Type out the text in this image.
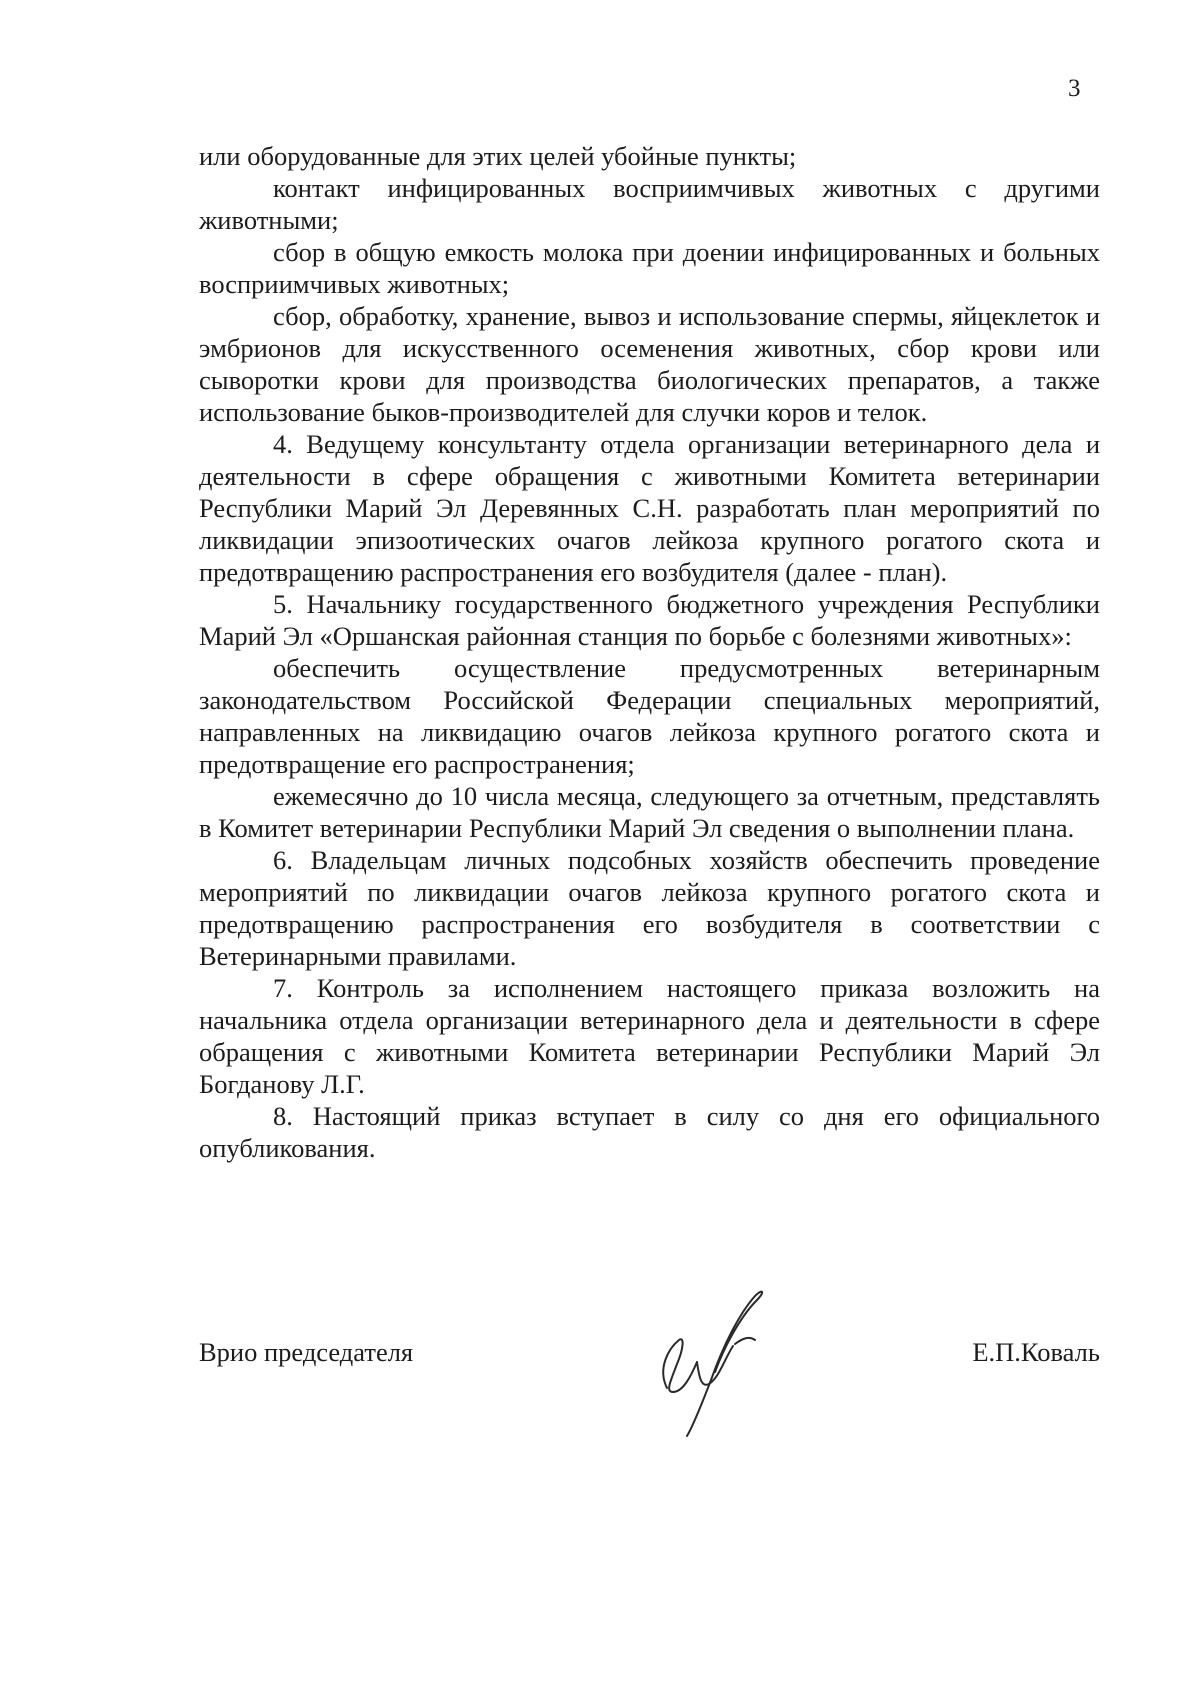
3

или оборудованные для этих целей убойные пункты;

контакт инфицированных восприимчивых животных с другими животными;

сбор в общую емкость молока при доении инфицированных и больных восприимчивых животных;

сбор, обработку, хранение, вывоз и использование спермы, яйцеклеток и эмбрионов для искусственного осеменения животных, сбор крови или сыворотки крови для производства биологических препаратов, а также использование быков-производителей для случки коров и телок.

4. Ведущему консультанту отдела организации ветеринарного дела и деятельности в сфере обращения с животными Комитета ветеринарии Республики Марий Эл Деревянных С.Н. разработать план мероприятий по ликвидации эпизоотических очагов лейкоза крупного рогатого скота и предотвращению распространения его возбудителя (далее - план).

5. Начальнику государственного бюджетного учреждения Республики Марий Эл «Оршанская районная станция по борьбе с болезнями животных»:

обеспечить осуществление предусмотренных ветеринарным законодательством Российской Федерации специальных мероприятий, направленных на ликвидацию очагов лейкоза крупного рогатого скота и предотвращение его распространения;

ежемесячно до 10 числа месяца, следующего за отчетным, представлять в Комитет ветеринарии Республики Марий Эл сведения о выполнении плана.

6. Владельцам личных подсобных хозяйств обеспечить проведение мероприятий по ликвидации очагов лейкоза крупного рогатого скота и предотвращению распространения его возбудителя в соответствии с Ветеринарными правилами.

7. Контроль за исполнением настоящего приказа возложить на начальника отдела организации ветеринарного дела и деятельности в сфере обращения с животными Комитета ветеринарии Республики Марий Эл Богданову Л.Г.

8. Настоящий приказ вступает в силу со дня его официального опубликования.

Врио председателя	Е.П.Коваль
